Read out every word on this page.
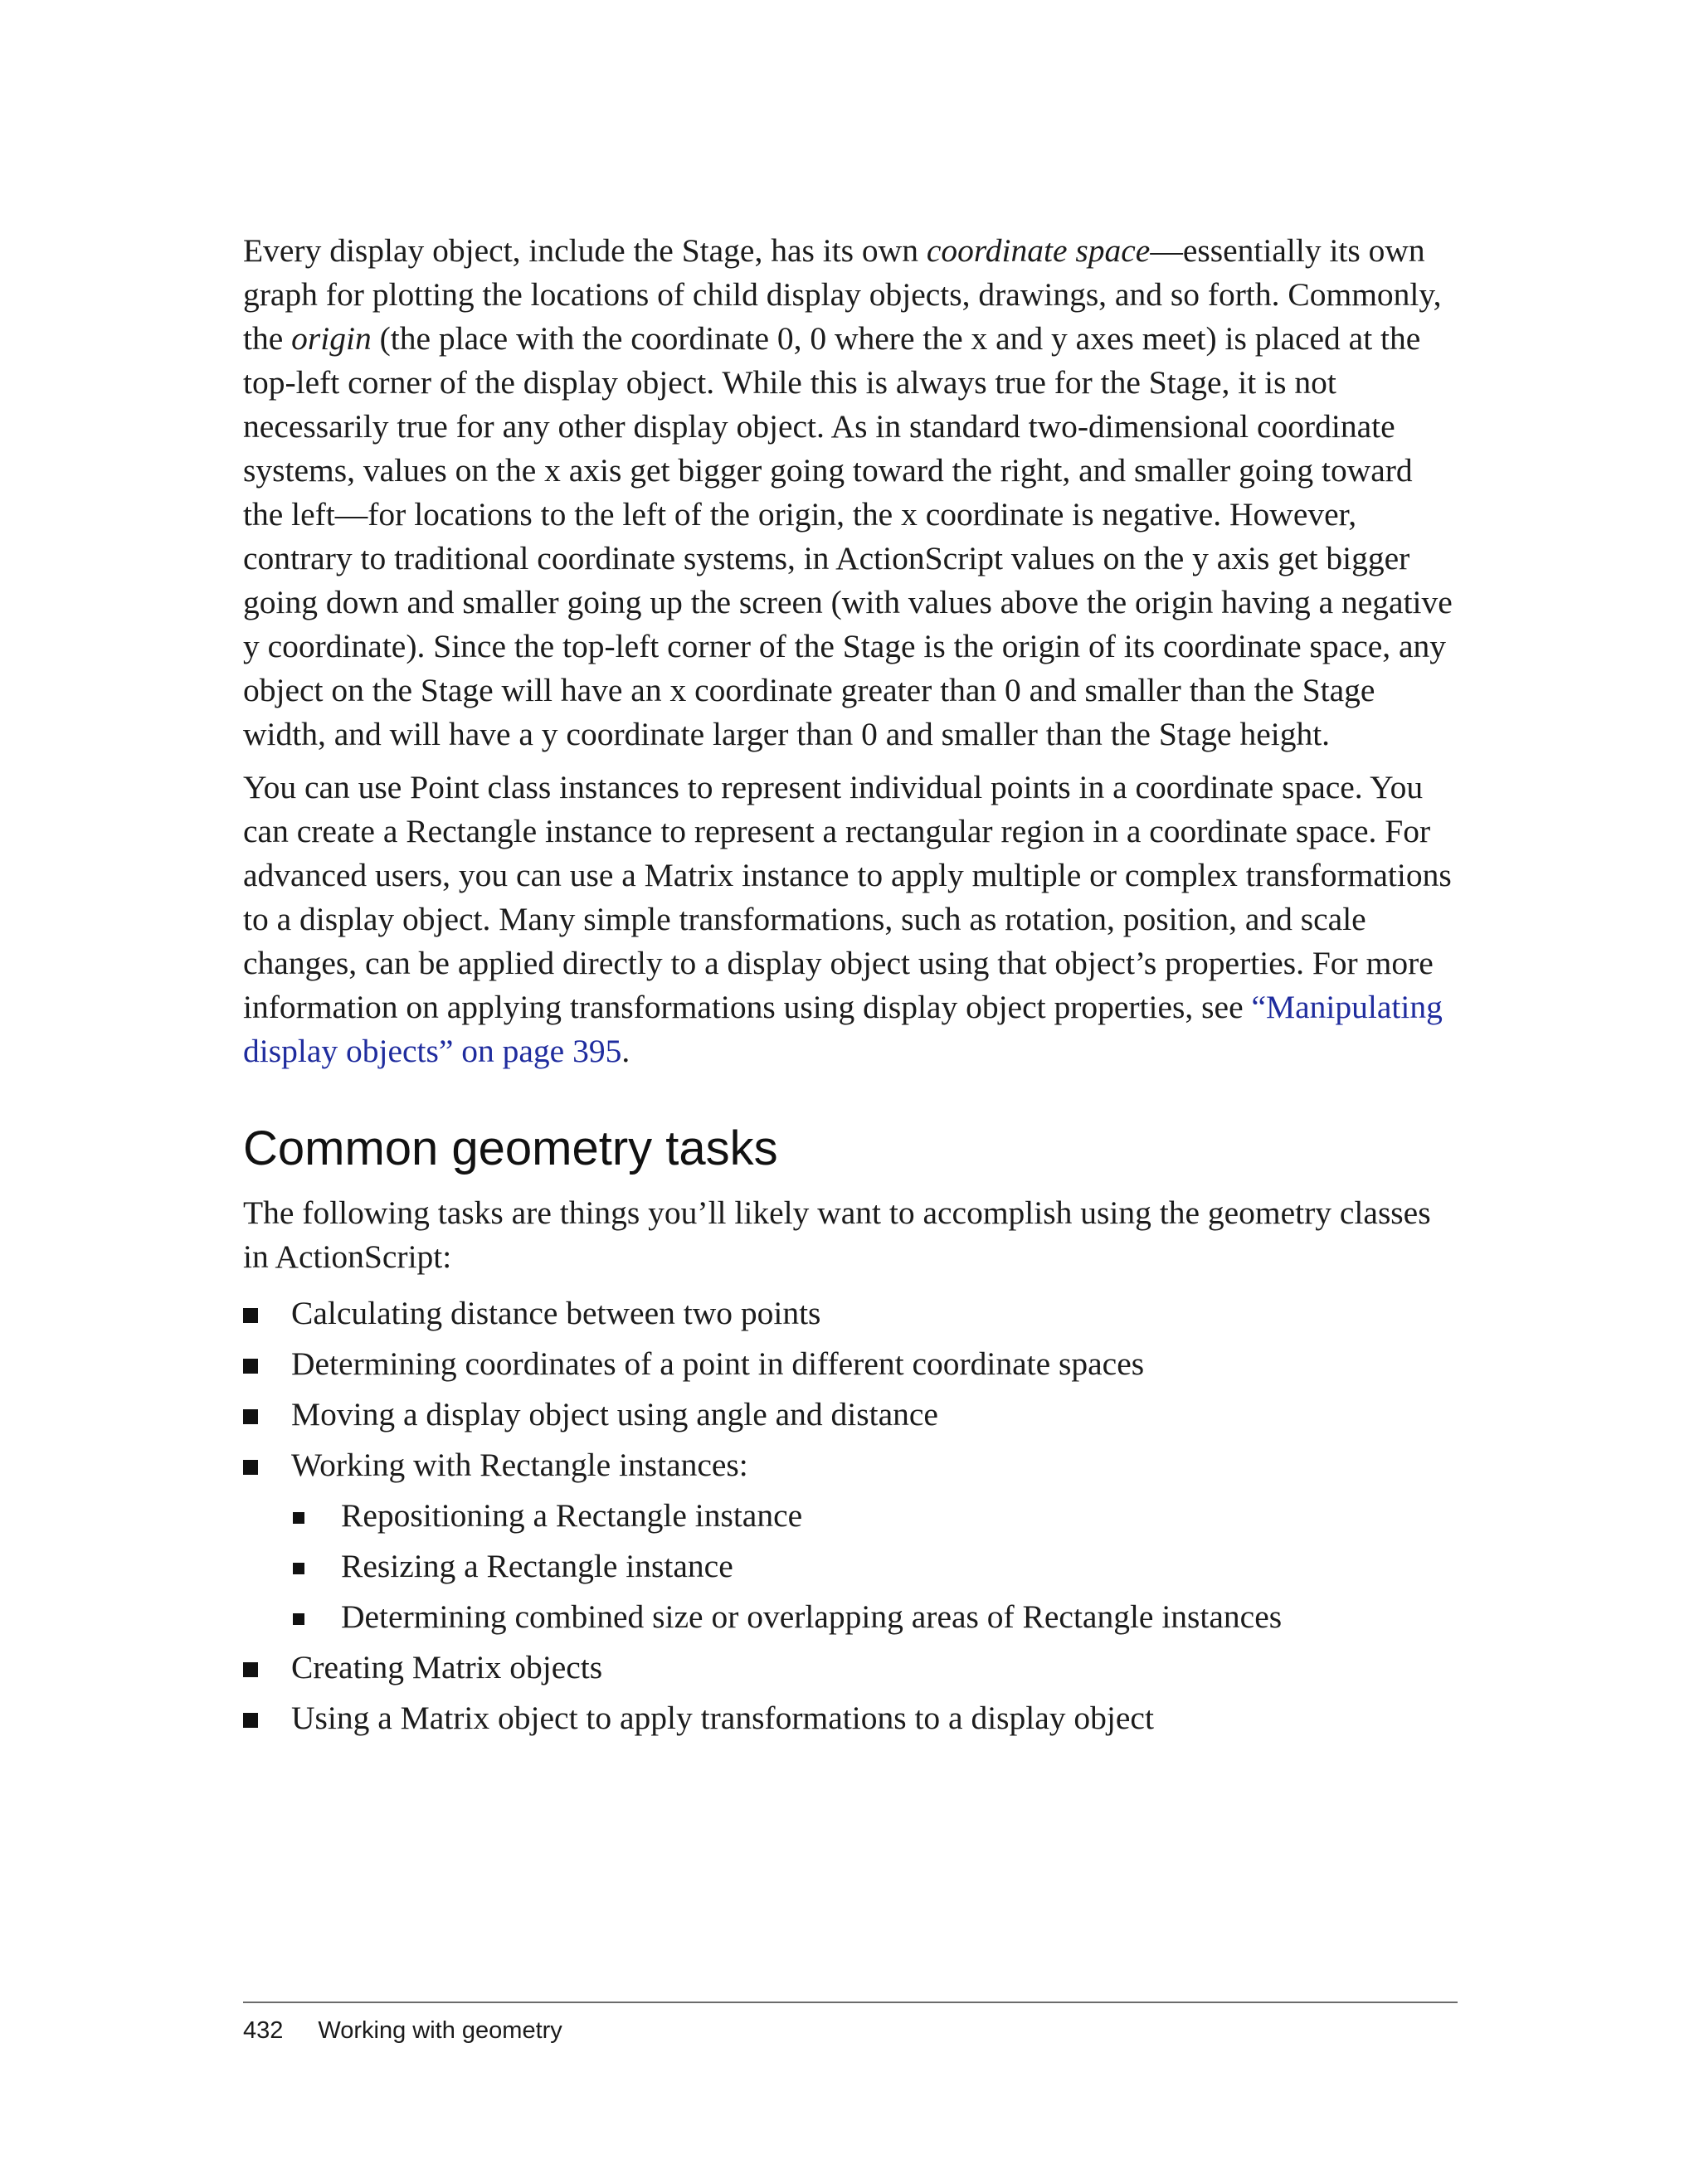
Every display object, include the Stage, has its own coordinate space—essentially its own graph for plotting the locations of child display objects, drawings, and so forth. Commonly, the origin (the place with the coordinate 0, 0 where the x and y axes meet) is placed at the top-left corner of the display object. While this is always true for the Stage, it is not necessarily true for any other display object. As in standard two-dimensional coordinate systems, values on the x axis get bigger going toward the right, and smaller going toward the left—for locations to the left of the origin, the x coordinate is negative. However, contrary to traditional coordinate systems, in ActionScript values on the y axis get bigger going down and smaller going up the screen (with values above the origin having a negative y coordinate). Since the top-left corner of the Stage is the origin of its coordinate space, any object on the Stage will have an x coordinate greater than 0 and smaller than the Stage width, and will have a y coordinate larger than 0 and smaller than the Stage height.

You can use Point class instances to represent individual points in a coordinate space. You can create a Rectangle instance to represent a rectangular region in a coordinate space. For advanced users, you can use a Matrix instance to apply multiple or complex transformations to a display object. Many simple transformations, such as rotation, position, and scale changes, can be applied directly to a display object using that object’s properties. For more information on applying transformations using display object properties, see “Manipulating display objects” on page 395.

Common geometry tasks

The following tasks are things you’ll likely want to accomplish using the geometry classes in ActionScript:

Calculating distance between two points
Determining coordinates of a point in different coordinate spaces
Moving a display object using angle and distance
Working with Rectangle instances:
Repositioning a Rectangle instance
Resizing a Rectangle instance
Determining combined size or overlapping areas of Rectangle instances
Creating Matrix objects
Using a Matrix object to apply transformations to a display object
432 Working with geometry
